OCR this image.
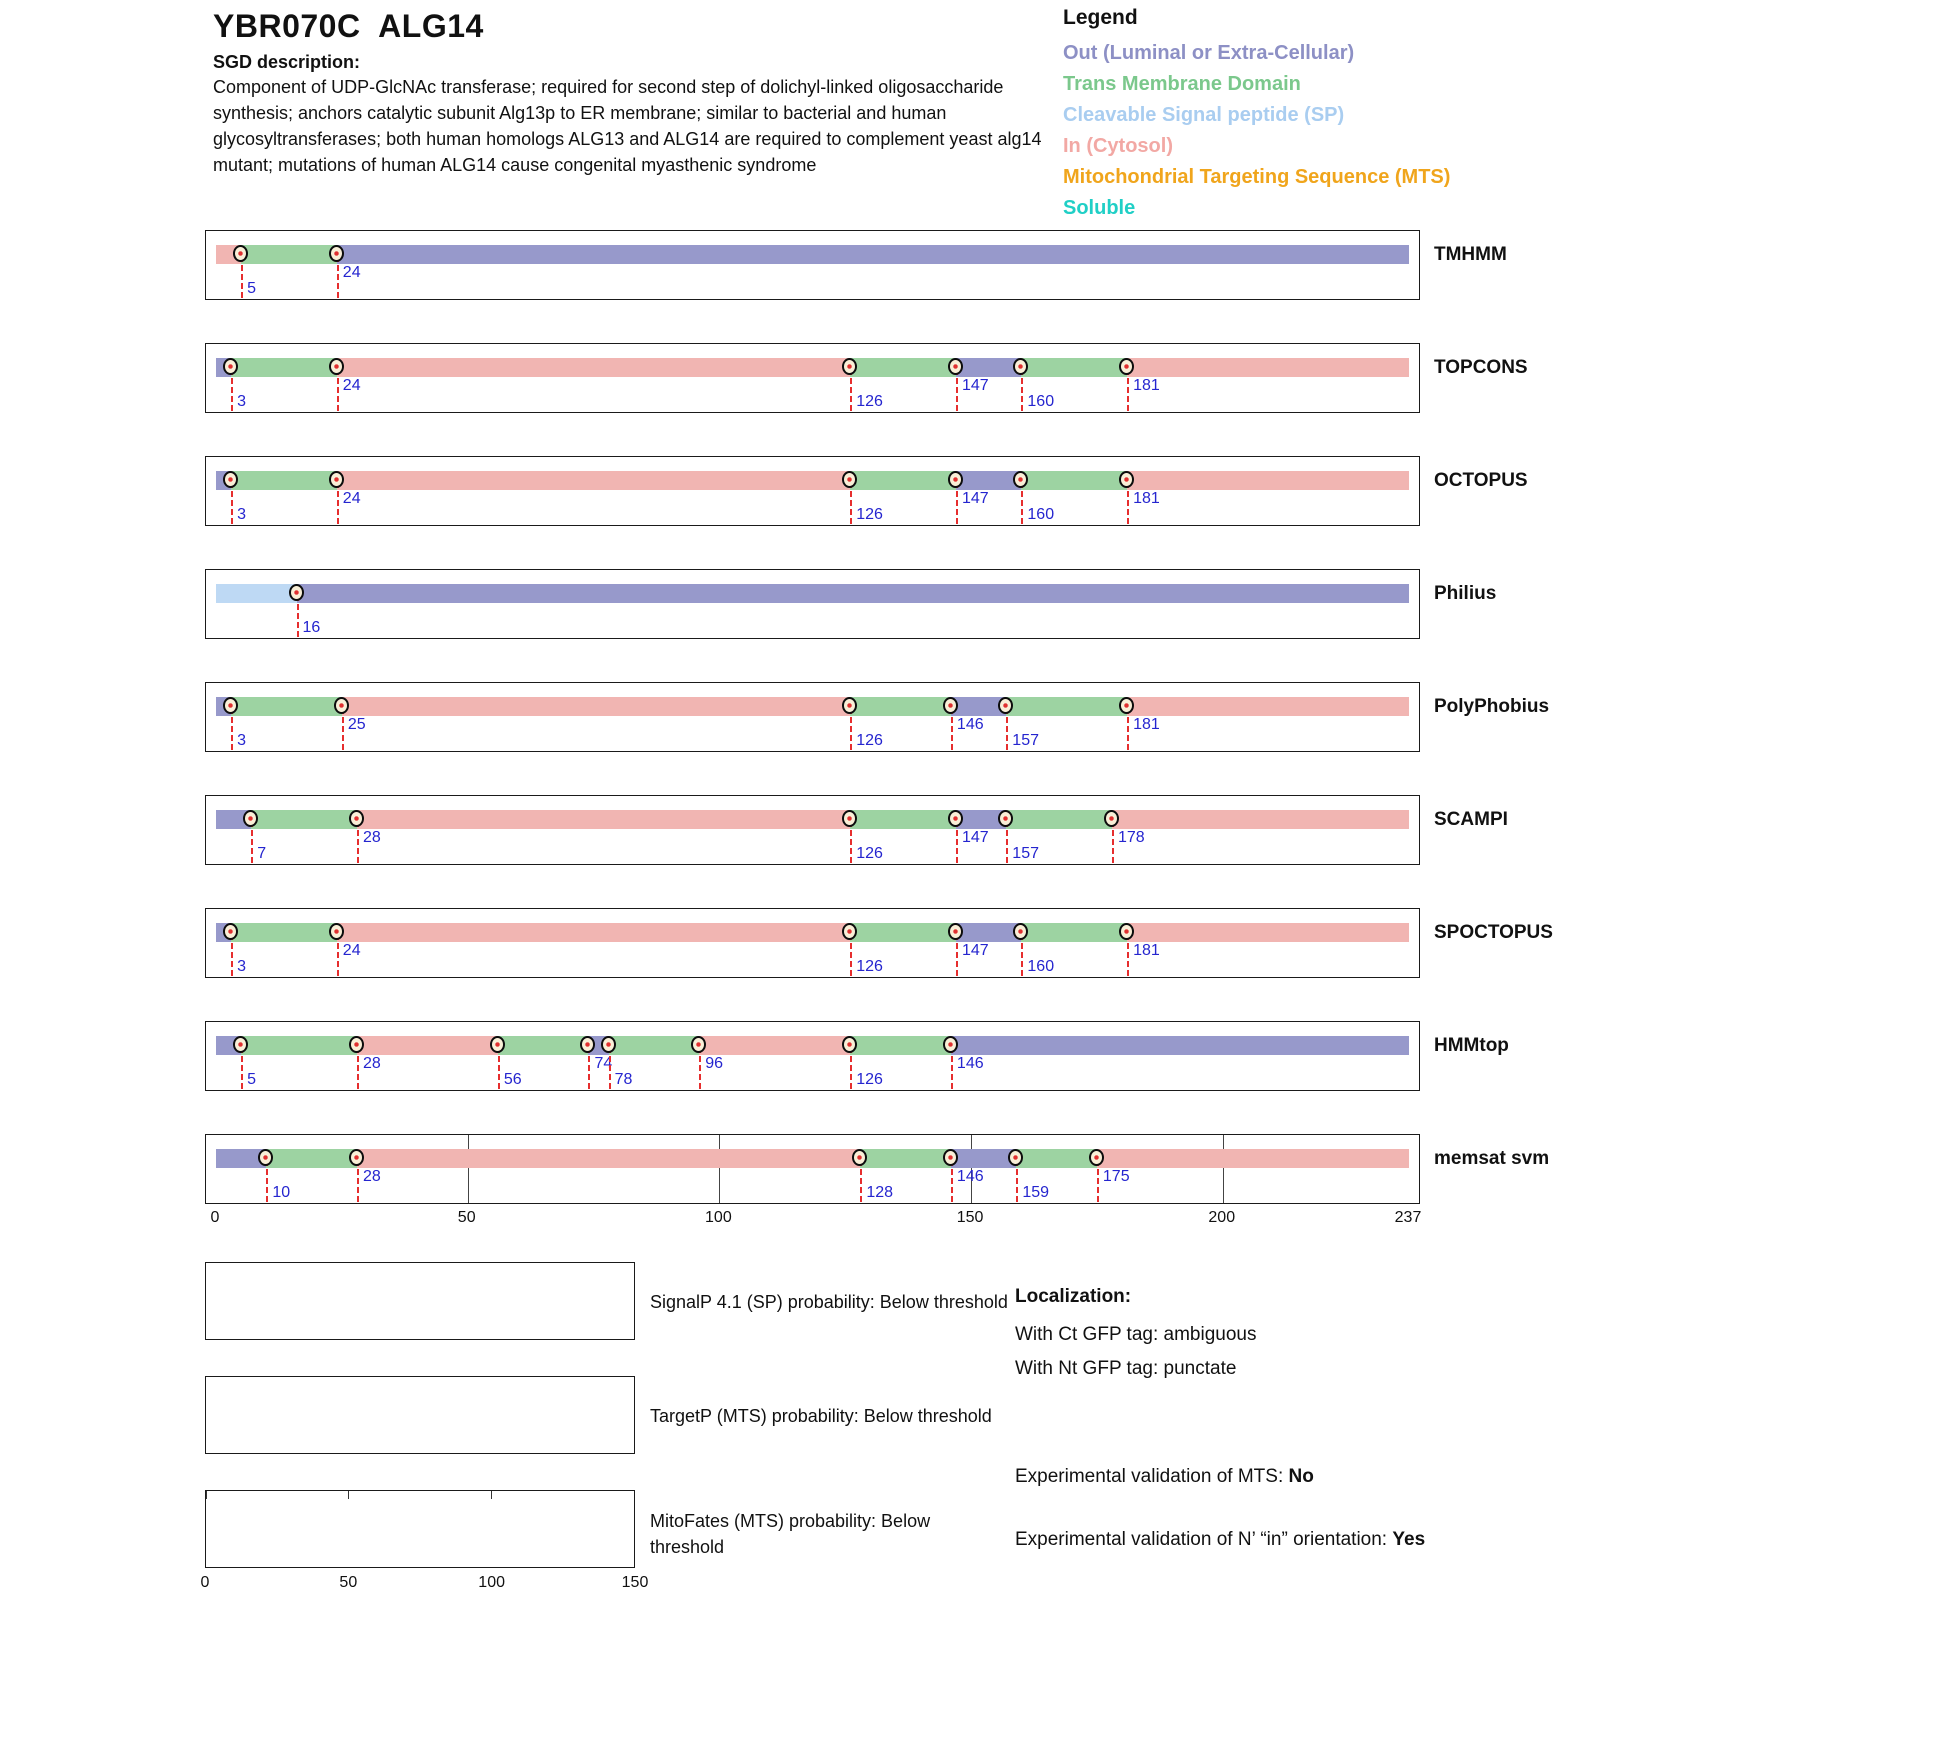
YBR070C  ALG14
SGD description:
Component of UDP-GlcNAc transferase; required for second step of dolichyl-linked oligosaccharide synthesis; anchors catalytic subunit Alg13p to ER membrane; similar to bacterial and human glycosyltransferases; both human homologs ALG13 and ALG14 are required to complement yeast alg14 mutant; mutations of human ALG14 cause congenital myasthenic syndrome
Legend
Out (Luminal or Extra-Cellular)
Trans Membrane Domain
Cleavable Signal peptide (SP)
In (Cytosol)
Mitochondrial Targeting Sequence (MTS)
Soluble
5
24
TMHMM
3
24
126
147
160
181
TOPCONS
3
24
126
147
160
181
OCTOPUS
16
Philius
3
25
126
146
157
181
PolyPhobius
7
28
126
147
157
178
SCAMPI
3
24
126
147
160
181
SPOCTOPUS
5
28
56
74
78
96
126
146
HMMtop
10
28
128
146
159
175
memsat svm
0	50	100	150	200	237
SignalP 4.1 (SP) probability: Below threshold
TargetP (MTS) probability: Below threshold
0	50	100	150
MitoFates (MTS) probability: Below threshold
Localization:
With Ct GFP tag: ambiguous
With Nt GFP tag: punctate
Experimental validation of MTS: No
Experimental validation of N’ “in” orientation: Yes
